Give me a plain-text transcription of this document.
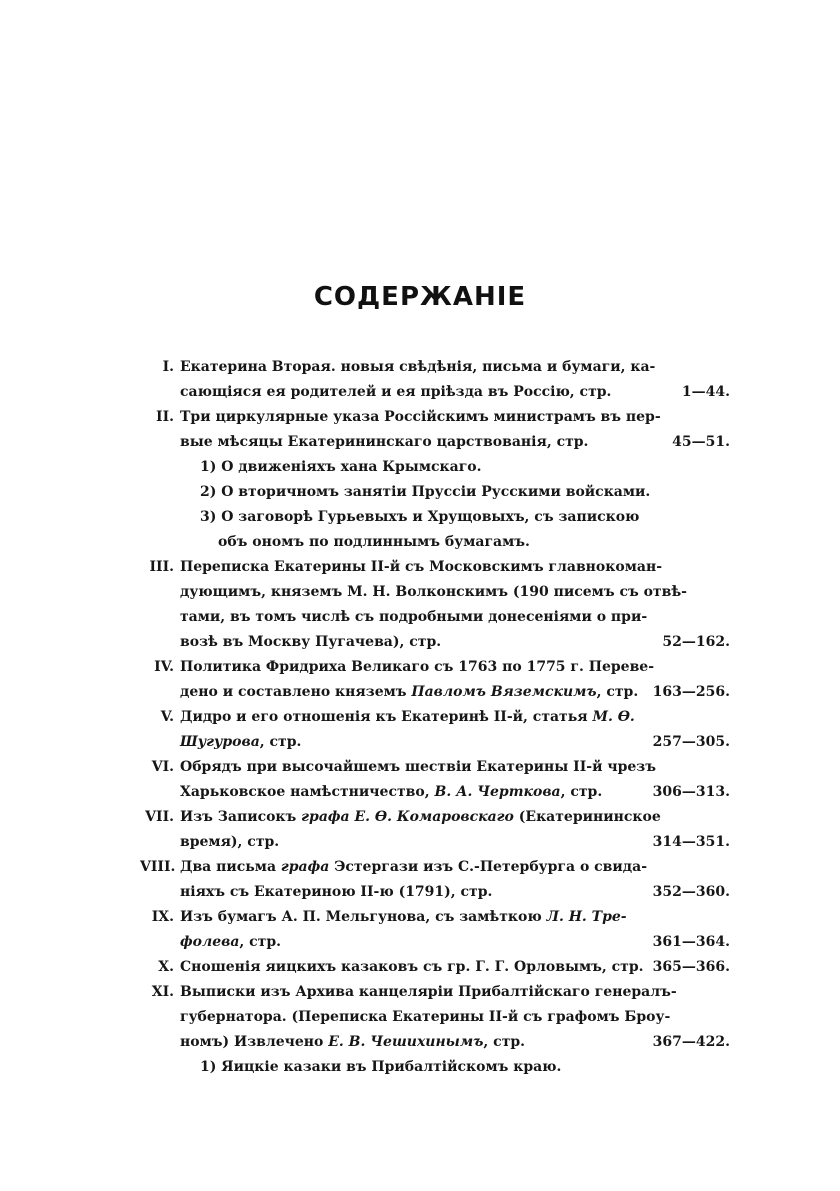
СОДЕРЖАНІЕ
I. Екатерина Вторая. новыя свѣдѣнія, письма и бумаги, ка-
сающіяся ея родителей и ея пріѣзда въ Россію, стр.	1—44.
II. Три циркулярные указа Россійскимъ министрамъ въ пер-
вые мѣсяцы Екатерининскаго царствованія, стр.	45—51.
1) О движеніяхъ хана Крымскаго.
2) О вторичномъ занятіи Пруссіи Русскими войсками.
3) О заговорѣ Гурьевыхъ и Хрущовыхъ, съ запискою
объ ономъ по подлиннымъ бумагамъ.
III. Переписка Екатерины II-й съ Московскимъ главнокоман-
дующимъ, княземъ М. Н. Волконскимъ (190 писемъ съ отвѣ-
тами, въ томъ числѣ съ подробными донесеніями о при-
возѣ въ Москву Пугачева), стр.	52—162.
IV. Политика Фридриха Великаго съ 1763 по 1775 г. Переве-
дено и составлено княземъ Павломъ Вяземскимъ, стр. 163—256.
V. Дидро и его отношенія къ Екатеринѣ II-й, статья М. Ѳ.
Шугурова, стр.	257—305.
VI. Обрядъ при высочайшемъ шествіи Екатерины II-й чрезъ
Харьковское намѣстничество, В. А. Черткова, стр.	306—313.
VII. Изъ Записокъ графа Е. Ѳ. Комаровскаго (Екатерининское
время), стр.	314—351.
VIII. Два письма графа Эстергази изъ С.-Петербурга о свида-
ніяхъ съ Екатериною II-ю (1791), стр.	352—360.
IX. Изъ бумагъ А. П. Мельгунова, съ замѣткою Л. Н. Тре-
фолева, стр.	361—364.
X. Сношенія яицкихъ казаковъ съ гр. Г. Г. Орловымъ, стр. 365—366.
XI. Выписки изъ Архива канцеляріи Прибалтійскаго генералъ-
губернатора. (Переписка Екатерины II-й съ графомъ Броу-
номъ) Извлечено Е. В. Чешихинымъ, стр.	367—422.
1) Яицкіе казаки въ Прибалтійскомъ краю.
